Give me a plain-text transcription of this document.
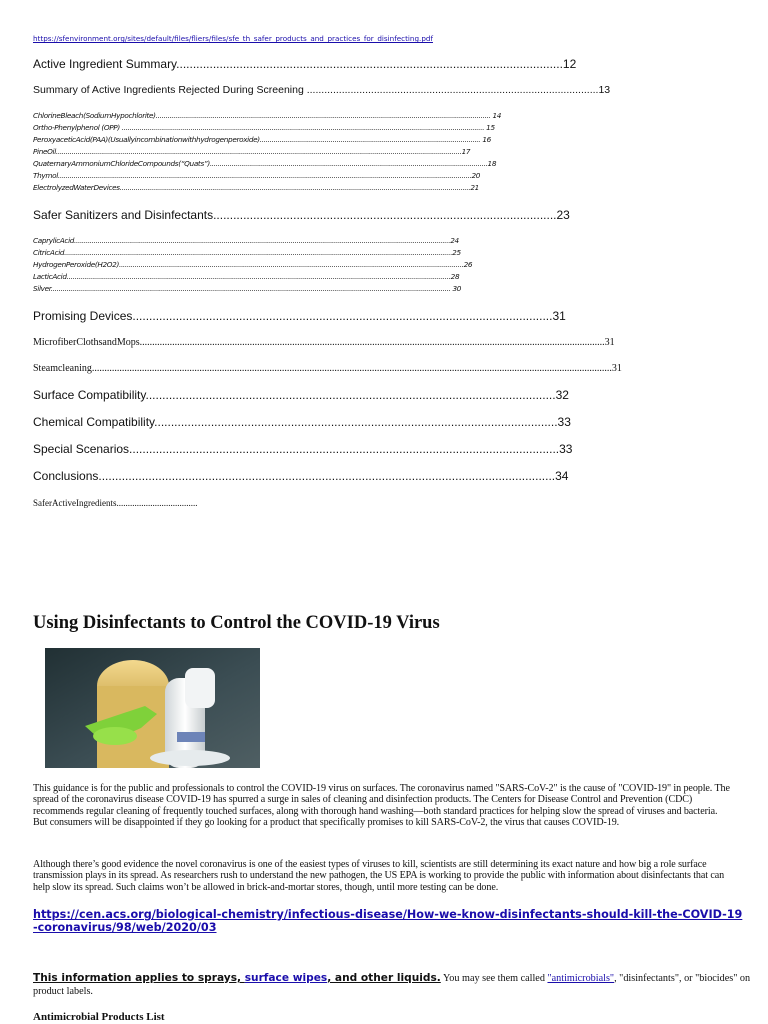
https://sfenvironment.org/sites/default/files/fliers/files/sfe_th_safer_products_and_practices_for_disinfecting.pdf
Active Ingredient Summary....................................................................................................................12
Summary of Active Ingredients Rejected During Screening ....................................................................................................13
ChlorineBleach(SodiumHypochlorite).......................................................................................................................................................................... 14
Ortho-Phenylphenol (OPP) ........................................................................................................................................................................................ 15
PeroxyaceticAcid(PAA)(Usuallyincombinationwithhydrogenperoxide)................................................................................................................ 16
PineOil..............................................................................................................................................................................................................17
QuaternaryAmmoniumChlorideCompounds(“Quats”).............................................................................................................................................18
Thymol..................................................................................................................................................................................................................20
ElectrolyzedWaterDevices..................................................................................................................................................................................21
Safer Sanitizers and Disinfectants.......................................................................................................23
CaprylicAcid...............................................................................................................................................................................................24
CitricAcid.....................................................................................................................................................................................................25
HydrogenPeroxide(H2O2)...............................................................................................................................................................................26
LacticAcid...................................................................................................................................................................................................28
Silver........................................................................................................................................................................................................... 30
Promising Devices..............................................................................................................................31
MicrofiberClothsandMops..........................................................................................................................................................................................31
Steamcleaning................................................................................................................................................................................................................31
Surface Compatibility...........................................................................................................................32
Chemical Compatibility.........................................................................................................................33
Special Scenarios.................................................................................................................................33
Conclusions.........................................................................................................................................34
SaferActiveIngredients....................................
Using Disinfectants to Control the COVID-19 Virus

This guidance is for the public and professionals to control the COVID-19 virus on surfaces. The coronavirus named "SARS-CoV-2" is the cause of "COVID-19" in people. The spread of the coronavirus disease COVID-19 has spurred a surge in sales of cleaning and disinfection products. The Centers for Disease Control and Prevention (CDC) recommends regular cleaning of frequently touched surfaces, along with thorough hand washing—both standard practices for helping slow the spread of viruses and bacteria. But consumers will be disappointed if they go looking for a product that specifically promises to kill SARS-CoV-2, the virus that causes COVID-19.

Although there’s good evidence the novel coronavirus is one of the easiest types of viruses to kill, scientists are still determining its exact nature and how big a role surface transmission plays in its spread. As researchers rush to understand the new pathogen, the US EPA is working to provide the public with information about disinfectants that can help slow its spread. Such claims won’t be allowed in brick-and-mortar stores, though, until more testing can be done.

https://cen.acs.org/biological-chemistry/infectious-disease/How-we-know-disinfectants-should-kill-the-COVID-19-coronavirus/98/web/2020/03
This information applies to sprays, surface wipes, and other liquids. You may see them called "antimicrobials", "disinfectants", or "biocides" on product labels.
Antimicrobial Products List
